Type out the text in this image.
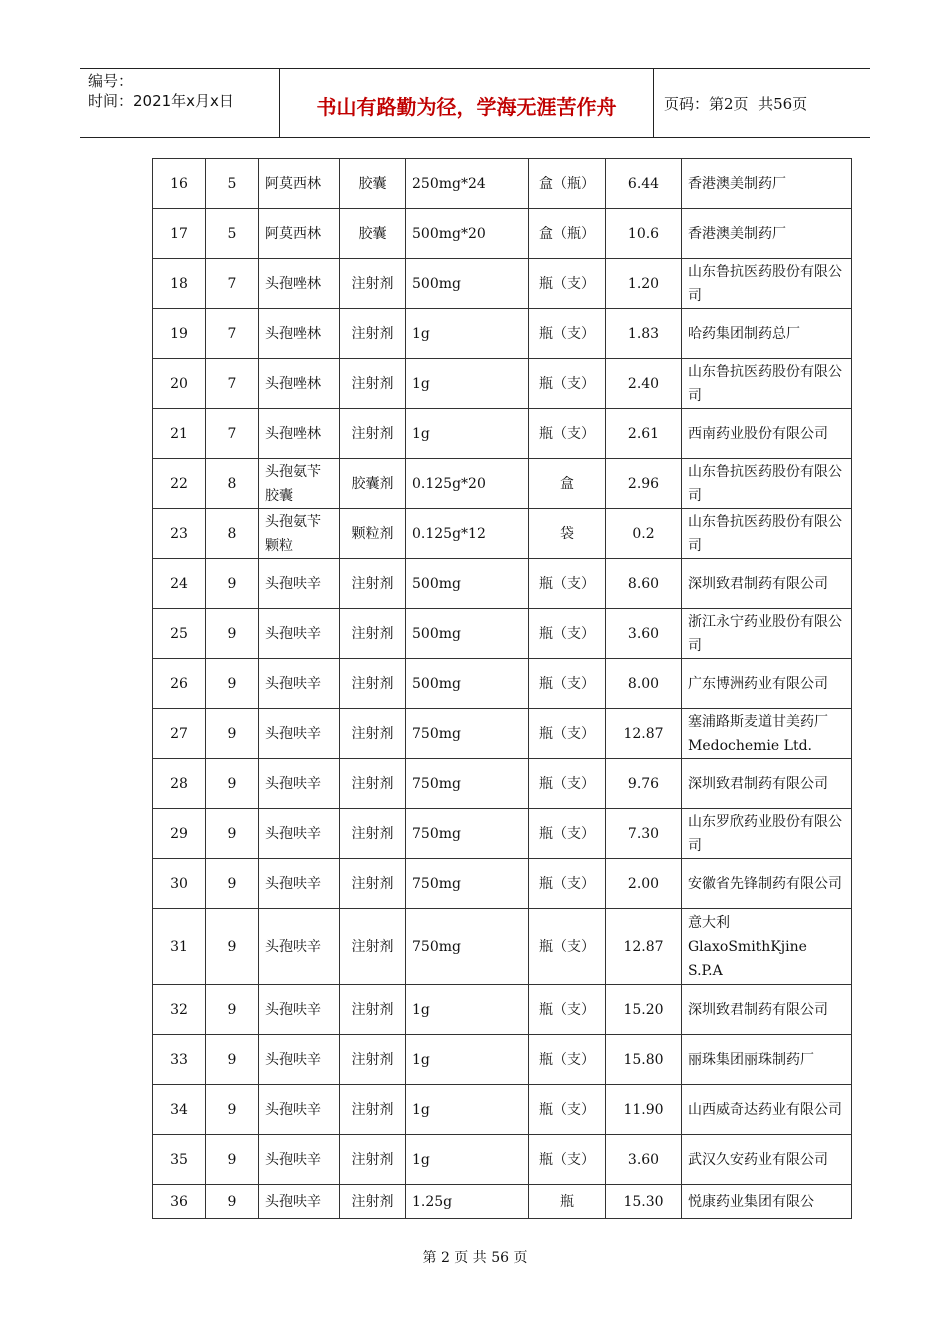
编号：
时间：2021年x月x日	书山有路勤为径，学海无涯苦作舟	页码：第2页  共56页
16	5	阿莫西林	胶囊	250mg*24	盒（瓶）	6.44	香港澳美制药厂
17	5	阿莫西林	胶囊	500mg*20	盒（瓶）	10.6	香港澳美制药厂
18	7	头孢唑林	注射剂	500mg	瓶（支）	1.20	山东鲁抗医药股份有限公司
19	7	头孢唑林	注射剂	1g	瓶（支）	1.83	哈药集团制药总厂
20	7	头孢唑林	注射剂	1g	瓶（支）	2.40	山东鲁抗医药股份有限公司
21	7	头孢唑林	注射剂	1g	瓶（支）	2.61	西南药业股份有限公司
22	8	头孢氨苄胶囊	胶囊剂	0.125g*20	盒	2.96	山东鲁抗医药股份有限公司
23	8	头孢氨苄颗粒	颗粒剂	0.125g*12	袋	0.2	山东鲁抗医药股份有限公司
24	9	头孢呋辛	注射剂	500mg	瓶（支）	8.60	深圳致君制药有限公司
25	9	头孢呋辛	注射剂	500mg	瓶（支）	3.60	浙江永宁药业股份有限公司
26	9	头孢呋辛	注射剂	500mg	瓶（支）	8.00	广东博洲药业有限公司
27	9	头孢呋辛	注射剂	750mg	瓶（支）	12.87	塞浦路斯麦道甘美药厂Medochemie Ltd.
28	9	头孢呋辛	注射剂	750mg	瓶（支）	9.76	深圳致君制药有限公司
29	9	头孢呋辛	注射剂	750mg	瓶（支）	7.30	山东罗欣药业股份有限公司
30	9	头孢呋辛	注射剂	750mg	瓶（支）	2.00	安徽省先锋制药有限公司
31	9	头孢呋辛	注射剂	750mg	瓶（支）	12.87	意大利GlaxoSmithKjine S.P.A
32	9	头孢呋辛	注射剂	1g	瓶（支）	15.20	深圳致君制药有限公司
33	9	头孢呋辛	注射剂	1g	瓶（支）	15.80	丽珠集团丽珠制药厂
34	9	头孢呋辛	注射剂	1g	瓶（支）	11.90	山西威奇达药业有限公司
35	9	头孢呋辛	注射剂	1g	瓶（支）	3.60	武汉久安药业有限公司
36	9	头孢呋辛	注射剂	1.25g	瓶	15.30	悦康药业集团有限公
第 2 页 共 56 页
